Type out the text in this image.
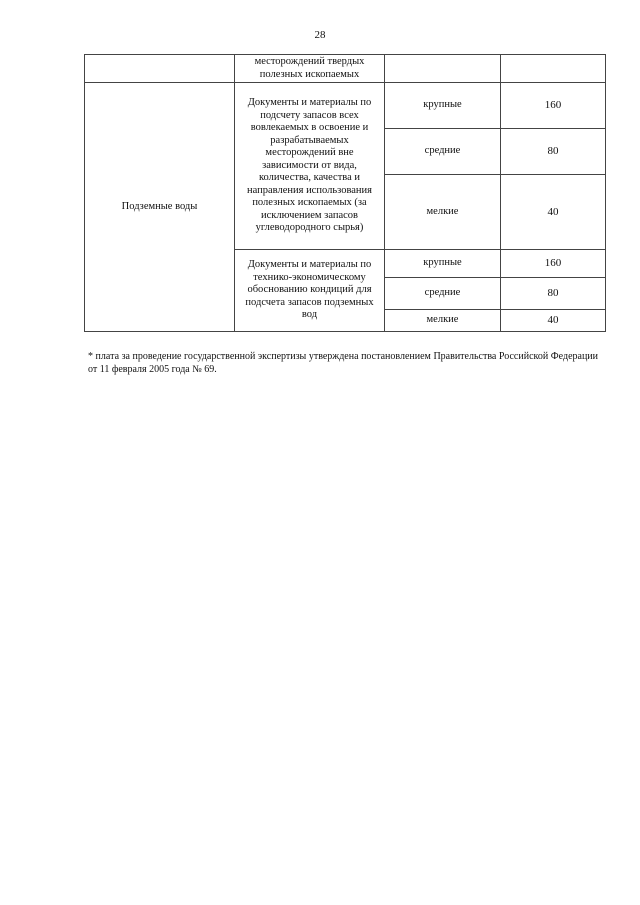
28
	месторождений твердых полезных ископаемых		
Подземные воды	Документы и материалы по подсчету запасов всех вовлекаемых в освоение и разрабатываемых месторождений вне зависимости от вида, количества, качества и направления использования полезных ископаемых (за исключением запасов углеводородного сырья)	крупные	160
		средние	80
		мелкие	40
	Документы и материалы по технико-экономическому обоснованию кондиций для подсчета запасов подземных вод	крупные	160
		средние	80
		мелкие	40
* плата за проведение государственной экспертизы утверждена постановлением Правительства Российской Федерации от 11 февраля 2005 года № 69.
